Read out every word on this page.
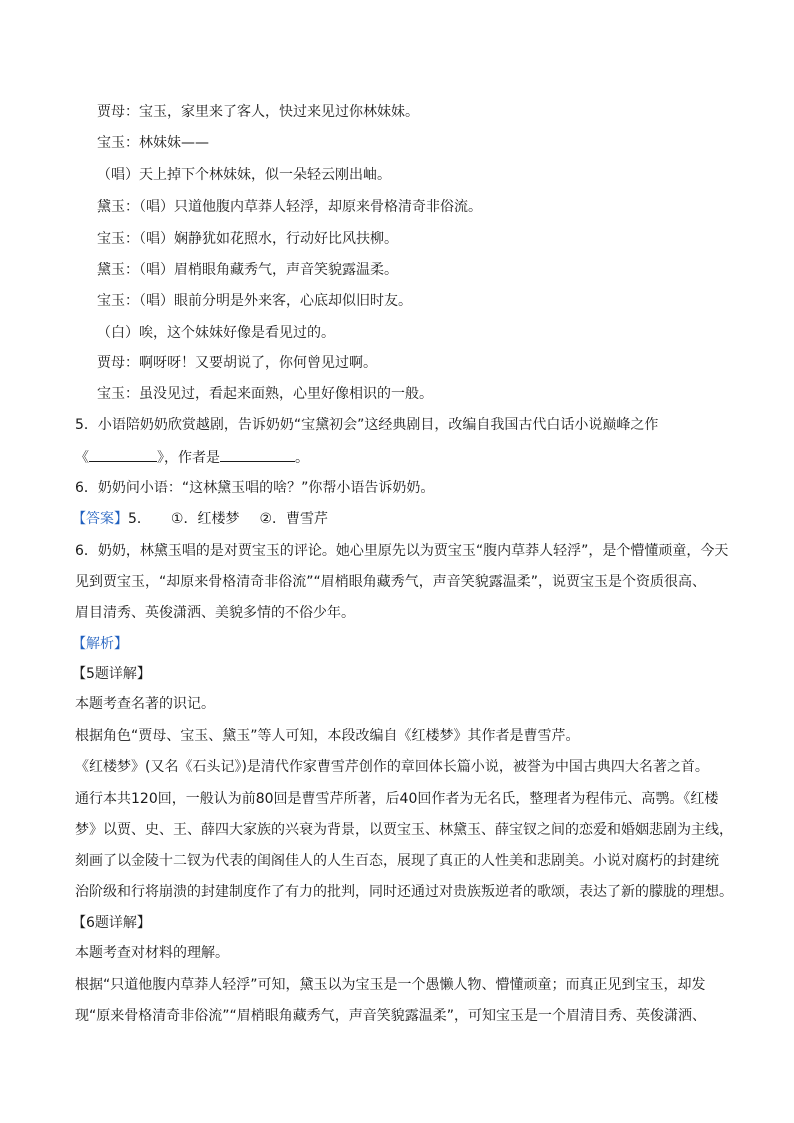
贾母：宝玉，家里来了客人，快过来见过你林妹妹。
宝玉：林妹妹——
（唱）天上掉下个林妹妹，似一朵轻云刚出岫。
黛玉：（唱）只道他腹内草莽人轻浮，却原来骨格清奇非俗流。
宝玉：（唱）娴静犹如花照水，行动好比风扶柳。
黛玉：（唱）眉梢眼角藏秀气，声音笑貌露温柔。
宝玉：（唱）眼前分明是外来客，心底却似旧时友。
（白）唉，这个妹妹好像是看见过的。
贾母：啊呀呀！又要胡说了，你何曾见过啊。
宝玉：虽没见过，看起来面熟，心里好像相识的一般。
5．小语陪奶奶欣赏越剧，告诉奶奶“宝黛初会”这经典剧目，改编自我国古代白话小说巅峰之作
《	》，作者是	。
6．奶奶问小语：“这林黛玉唱的啥？”你帮小语告诉奶奶。
【答案】5． ①．红楼梦 ②．曹雪芹
6．奶奶，林黛玉唱的是对贾宝玉的评论。她心里原先以为贾宝玉“腹内草莽人轻浮”，是个懵懂顽童，今天
见到贾宝玉，“却原来骨格清奇非俗流”“眉梢眼角藏秀气，声音笑貌露温柔”，说贾宝玉是个资质很高、
眉目清秀、英俊潇洒、美貌多情的不俗少年。
【解析】
【5题详解】
本题考查名著的识记。
根据角色“贾母、宝玉、黛玉”等人可知，本段改编自《红楼梦》其作者是曹雪芹。
《红楼梦》(又名《石头记》)是清代作家曹雪芹创作的章回体长篇小说，被誉为中国古典四大名著之首。
通行本共120回，一般认为前80回是曹雪芹所著，后40回作者为无名氏，整理者为程伟元、高鹗。《红楼
梦》以贾、史、王、薛四大家族的兴衰为背景，以贾宝玉、林黛玉、薛宝钗之间的恋爱和婚姻悲剧为主线，
刻画了以金陵十二钗为代表的闺阁佳人的人生百态，展现了真正的人性美和悲剧美。小说对腐朽的封建统
治阶级和行将崩溃的封建制度作了有力的批判，同时还通过对贵族叛逆者的歌颂，表达了新的朦胧的理想。
【6题详解】
本题考查对材料的理解。
根据“只道他腹内草莽人轻浮”可知，黛玉以为宝玉是一个愚懒人物、懵懂顽童；而真正见到宝玉，却发
现“原来骨格清奇非俗流”“眉梢眼角藏秀气，声音笑貌露温柔”，可知宝玉是一个眉清目秀、英俊潇洒、
